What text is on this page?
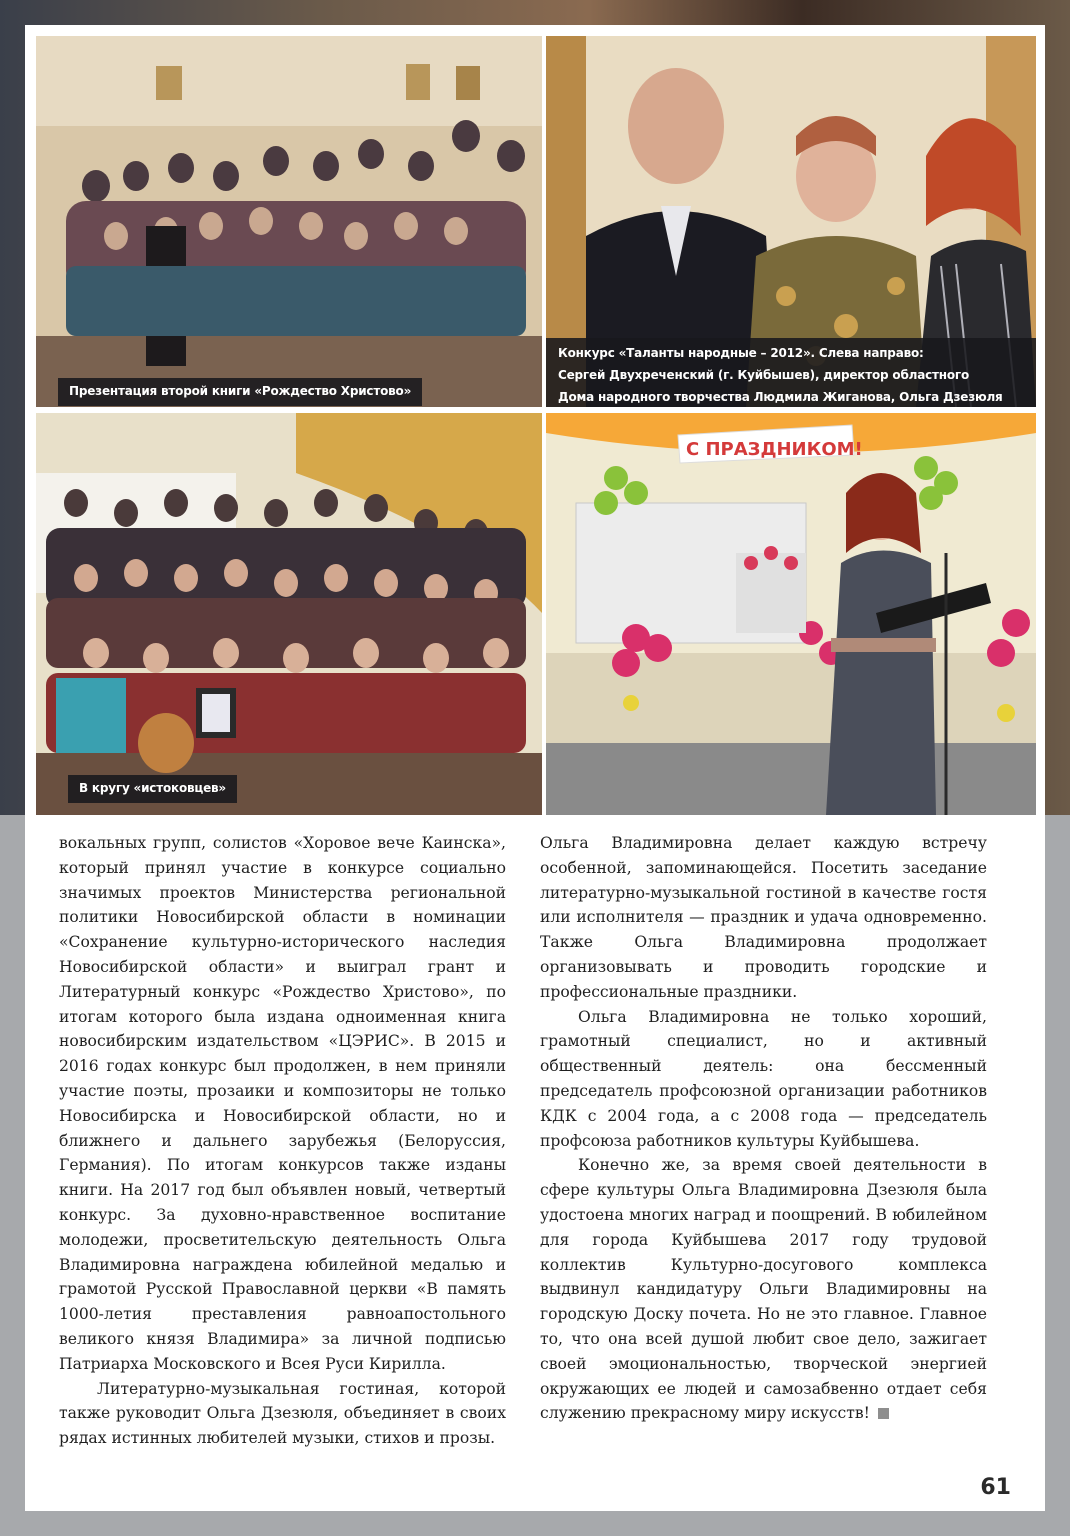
Презентация второй книги «Рождество Христово»
Конкурс «Таланты народные – 2012». Слева направо:
Сергей Двухреченский (г. Куйбышев), директор областного
Дома народного творчества Людмила Жиганова, Ольга Дзезюля
В кругу «истоковцев»
С ПРАЗДНИКОМ!

вокальных групп, солистов «Хоровое вече Каинска», который принял участие в конкурсе социально значимых проектов Министерства региональной политики Новосибирской области в номинации «Сохранение культурно-исторического наследия Новосибирской области» и выиграл грант и Литературный конкурс «Рождество Христово», по итогам которого была издана одноименная книга новосибирским издательством «ЦЭРИС». В 2015 и 2016 годах конкурс был продолжен, в нем приняли участие поэты, прозаики и композиторы не только Новосибирска и Новосибирской области, но и ближнего и дальнего зарубежья (Белоруссия, Германия). По итогам конкурсов также изданы книги. На 2017 год был объявлен новый, четвертый конкурс. За духовно-нравственное воспитание молодежи, просветительскую деятельность Ольга Владимировна награждена юбилейной медалью и грамотой Русской Православной церкви «В память 1000-летия преставления равноапостольного великого князя Владимира» за личной подписью Патриарха Московского и Всея Руси Кирилла.

Литературно-музыкальная гостиная, которой также руководит Ольга Дзезюля, объединяет в своих рядах истинных любителей музыки, стихов и прозы.

Ольга Владимировна делает каждую встречу особенной, запоминающейся. Посетить заседание литературно-музыкальной гостиной в качестве гостя или исполнителя — праздник и удача одновременно. Также Ольга Владимировна продолжает организовывать и проводить городские и профессиональные праздники.

Ольга Владимировна не только хороший, грамотный специалист, но и активный общественный деятель: она бессменный председатель профсоюзной организации работников КДК с 2004 года, а с 2008 года — председатель профсоюза работников культуры Куйбышева.

Конечно же, за время своей деятельности в сфере культуры Ольга Владимировна Дзезюля была удостоена многих наград и поощрений. В юбилейном для города Куйбышева 2017 году трудовой коллектив Культурно-досугового комплекса выдвинул кандидатуру Ольги Владимировны на городскую Доску почета. Но не это главное. Главное то, что она всей душой любит свое дело, зажигает своей эмоциональностью, творческой энергией окружающих ее людей и самозабвенно отдает себя служению прекрасному миру искусств!

61
